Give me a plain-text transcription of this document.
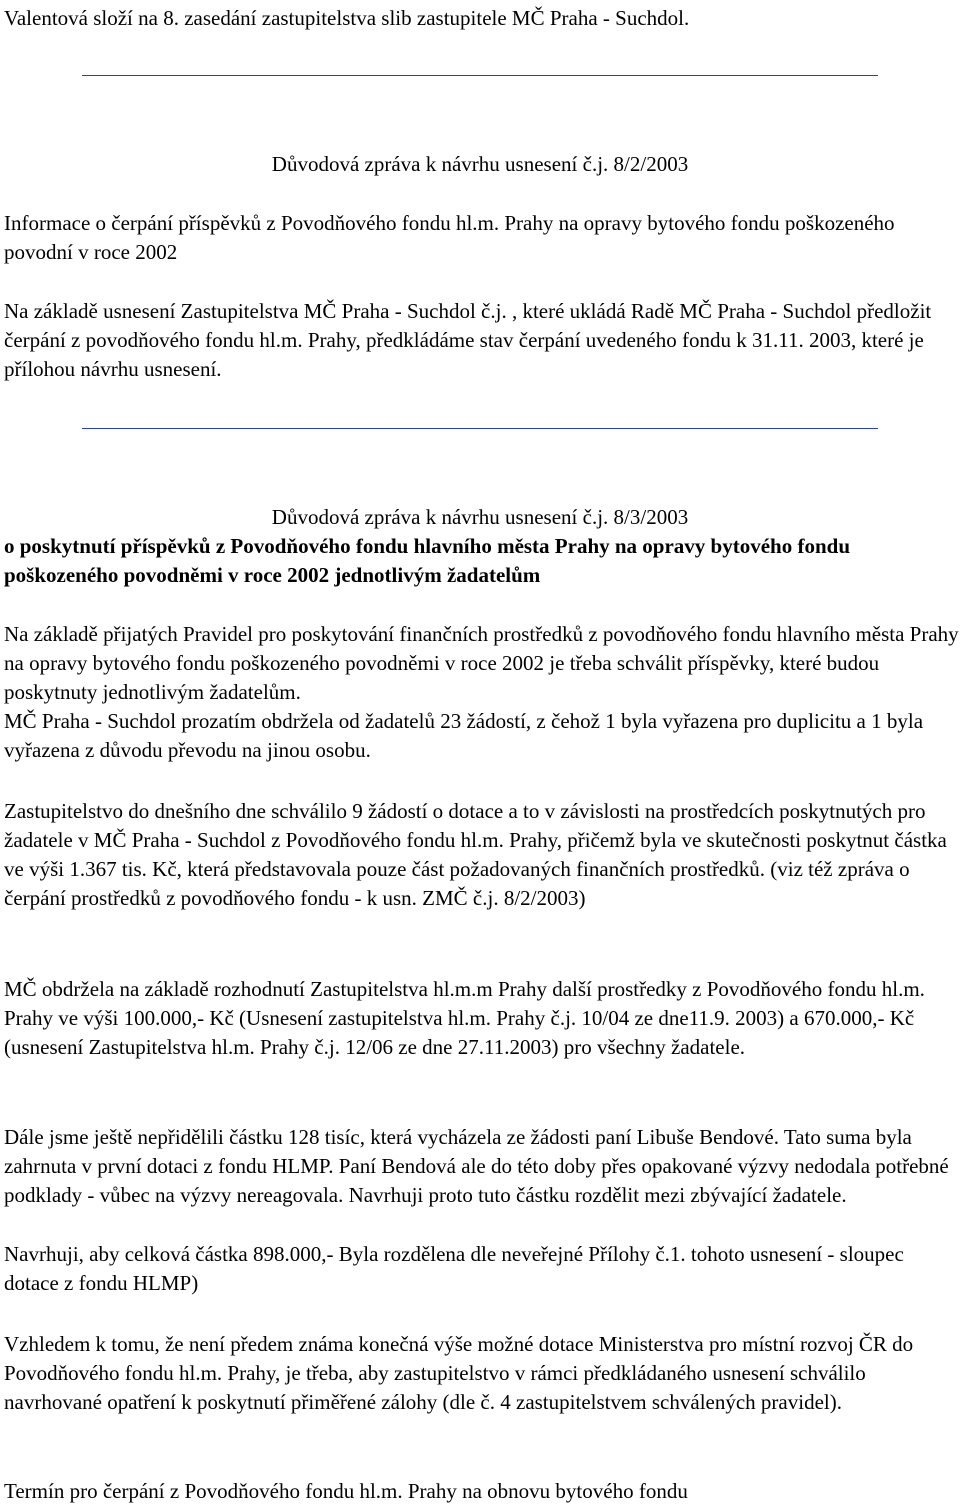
Valentová složí na 8. zasedání zastupitelstva slib zastupitele MČ Praha - Suchdol.

Důvodová zpráva k návrhu usnesení č.j. 8/2/2003

Informace o čerpání příspěvků z Povodňového fondu hl.m. Prahy na opravy bytového fondu poškozeného povodní v roce 2002

Na základě usnesení Zastupitelstva MČ Praha - Suchdol č.j. , které ukládá Radě MČ Praha - Suchdol předložit čerpání z povodňového fondu hl.m. Prahy, předkládáme stav čerpání uvedeného fondu k 31.11. 2003, které je přílohou návrhu usnesení.

Důvodová zpráva k návrhu usnesení č.j. 8/3/2003

o poskytnutí příspěvků z Povodňového fondu hlavního města Prahy na opravy bytového fondu poškozeného povodněmi v roce 2002 jednotlivým žadatelům

Na základě přijatých Pravidel pro poskytování finančních prostředků z povodňového fondu hlavního města Prahy na opravy bytového fondu poškozeného povodněmi v roce 2002 je třeba schválit příspěvky, které budou poskytnuty jednotlivým žadatelům.

MČ Praha - Suchdol prozatím obdržela od žadatelů 23 žádostí, z čehož 1 byla vyřazena pro duplicitu a 1 byla vyřazena z důvodu převodu na jinou osobu.

Zastupitelstvo do dnešního dne schválilo 9 žádostí o dotace a to v závislosti na prostředcích poskytnutých pro žadatele v MČ Praha - Suchdol z Povodňového fondu hl.m. Prahy, přičemž byla ve skutečnosti poskytnut částka ve výši 1.367 tis. Kč, která představovala pouze část požadovaných finančních prostředků. (viz též zpráva o čerpání prostředků z povodňového fondu - k usn. ZMČ č.j. 8/2/2003)

MČ obdržela na základě rozhodnutí Zastupitelstva hl.m.m Prahy další prostředky z Povodňového fondu hl.m. Prahy ve výši 100.000,- Kč (Usnesení zastupitelstva hl.m. Prahy č.j. 10/04 ze dne11.9. 2003) a 670.000,- Kč (usnesení Zastupitelstva hl.m. Prahy č.j. 12/06 ze dne 27.11.2003) pro všechny žadatele.

Dále jsme ještě nepřidělili částku 128 tisíc, která vycházela ze žádosti paní Libuše Bendové. Tato suma byla zahrnuta v první dotaci z fondu HLMP. Paní Bendová ale do této doby přes opakované výzvy nedodala potřebné podklady - vůbec na výzvy nereagovala. Navrhuji proto tuto částku rozdělit mezi zbývající žadatele.

Navrhuji, aby celková částka 898.000,- Byla rozdělena dle neveřejné Přílohy č.1. tohoto usnesení - sloupec dotace z fondu HLMP)

Vzhledem k tomu, že není předem známa konečná výše možné dotace Ministerstva pro místní rozvoj ČR do Povodňového fondu hl.m. Prahy, je třeba, aby zastupitelstvo v rámci předkládaného usnesení schválilo navrhované opatření k poskytnutí přiměřené zálohy (dle č. 4 zastupitelstvem schválených pravidel).

Termín pro čerpání z Povodňového fondu hl.m. Prahy na obnovu bytového fondu
